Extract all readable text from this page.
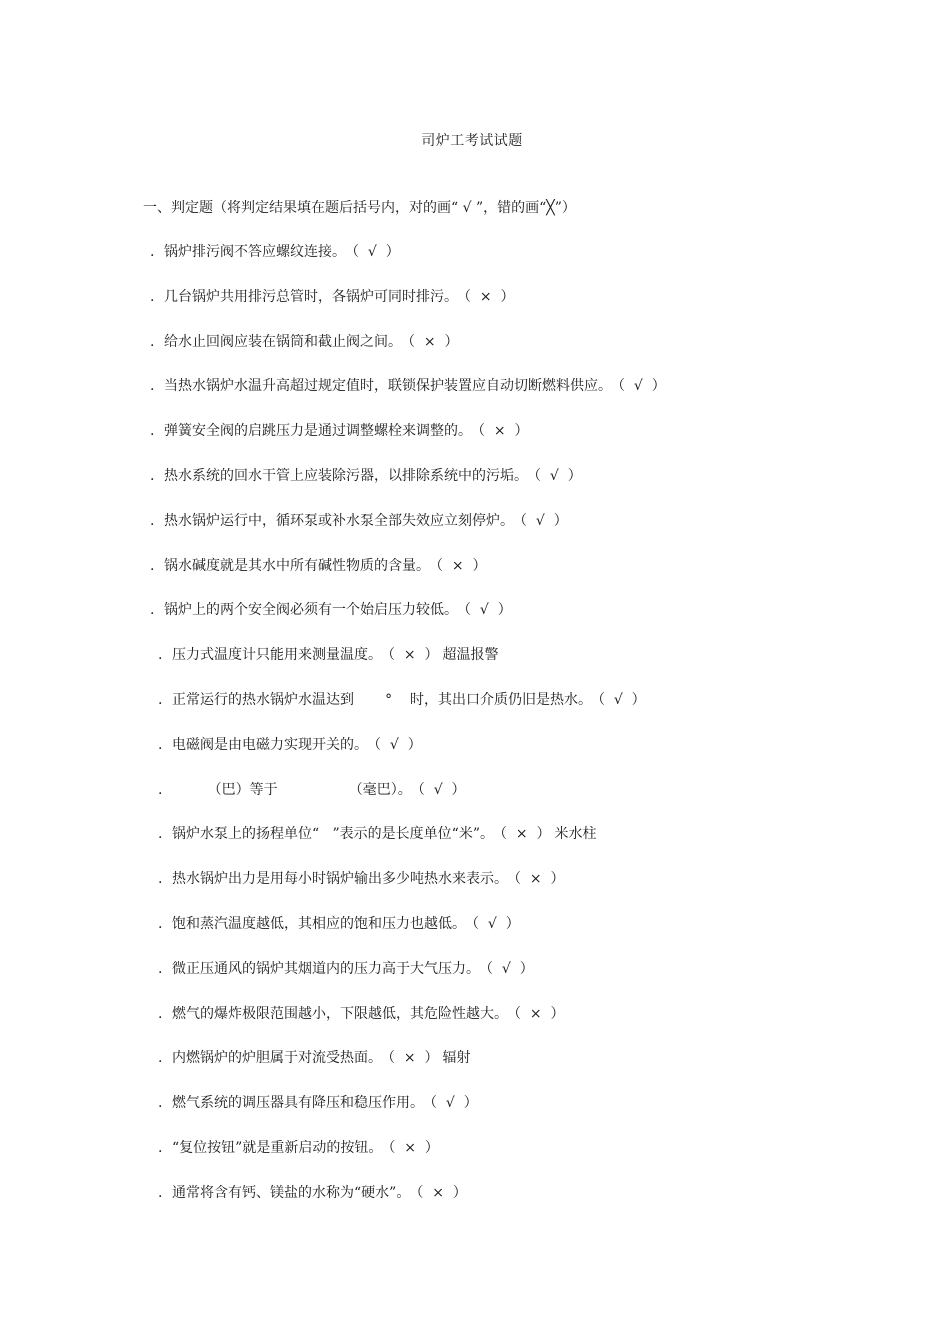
司炉工考试试题
一、判定题（将判定结果填在题后括号内，对的画“ √ ”，错的画“╳”）
. 锅炉排污阀不答应螺纹连接。 （  √  ）
. 几台锅炉共用排污总管时，各锅炉可同时排污。 （  ×  ）
. 给水止回阀应装在锅筒和截止阀之间。 （  ×  ）
. 当热水锅炉水温升高超过规定值时，联锁保护装置应自动切断燃料供应。 （  √  ）
. 弹簧安全阀的启跳压力是通过调整螺栓来调整的。 （  ×  ）
. 热水系统的回水干管上应装除污器，以排除系统中的污垢。 （  √  ）
. 热水锅炉运行中，循环泵或补水泵全部失效应立刻停炉。 （  √  ）
. 锅水碱度就是其水中所有碱性物质的含量。 （  ×  ）
. 锅炉上的两个安全阀必须有一个始启压力较低。 （  √  ）
. 压力式温度计只能用来测量温度。 （  ×  ） 超温报警
. 正常运行的热水锅炉水温达到       °    时，其出口介质仍旧是热水。 （  √  ）
. 电磁阀是由电磁力实现开关的。 （  √  ）
.        （巴）等于                （毫巴）。 （  √  ）
. 锅炉水泵上的扬程单位“   ”表示的是长度单位“米”。 （  ×  ） 米水柱
. 热水锅炉出力是用每小时锅炉输出多少吨热水来表示。 （  ×  ）
. 饱和蒸汽温度越低，其相应的饱和压力也越低。 （  √  ）
. 微正压通风的锅炉其烟道内的压力高于大气压力。 （  √  ）
. 燃气的爆炸极限范围越小，下限越低，其危险性越大。 （  ×  ）
. 内燃锅炉的炉胆属于对流受热面。 （  ×  ） 辐射
. 燃气系统的调压器具有降压和稳压作用。 （  √  ）
. “复位按钮”就是重新启动的按钮。 （  ×  ）
. 通常将含有钙、镁盐的水称为“硬水”。 （  ×  ）
